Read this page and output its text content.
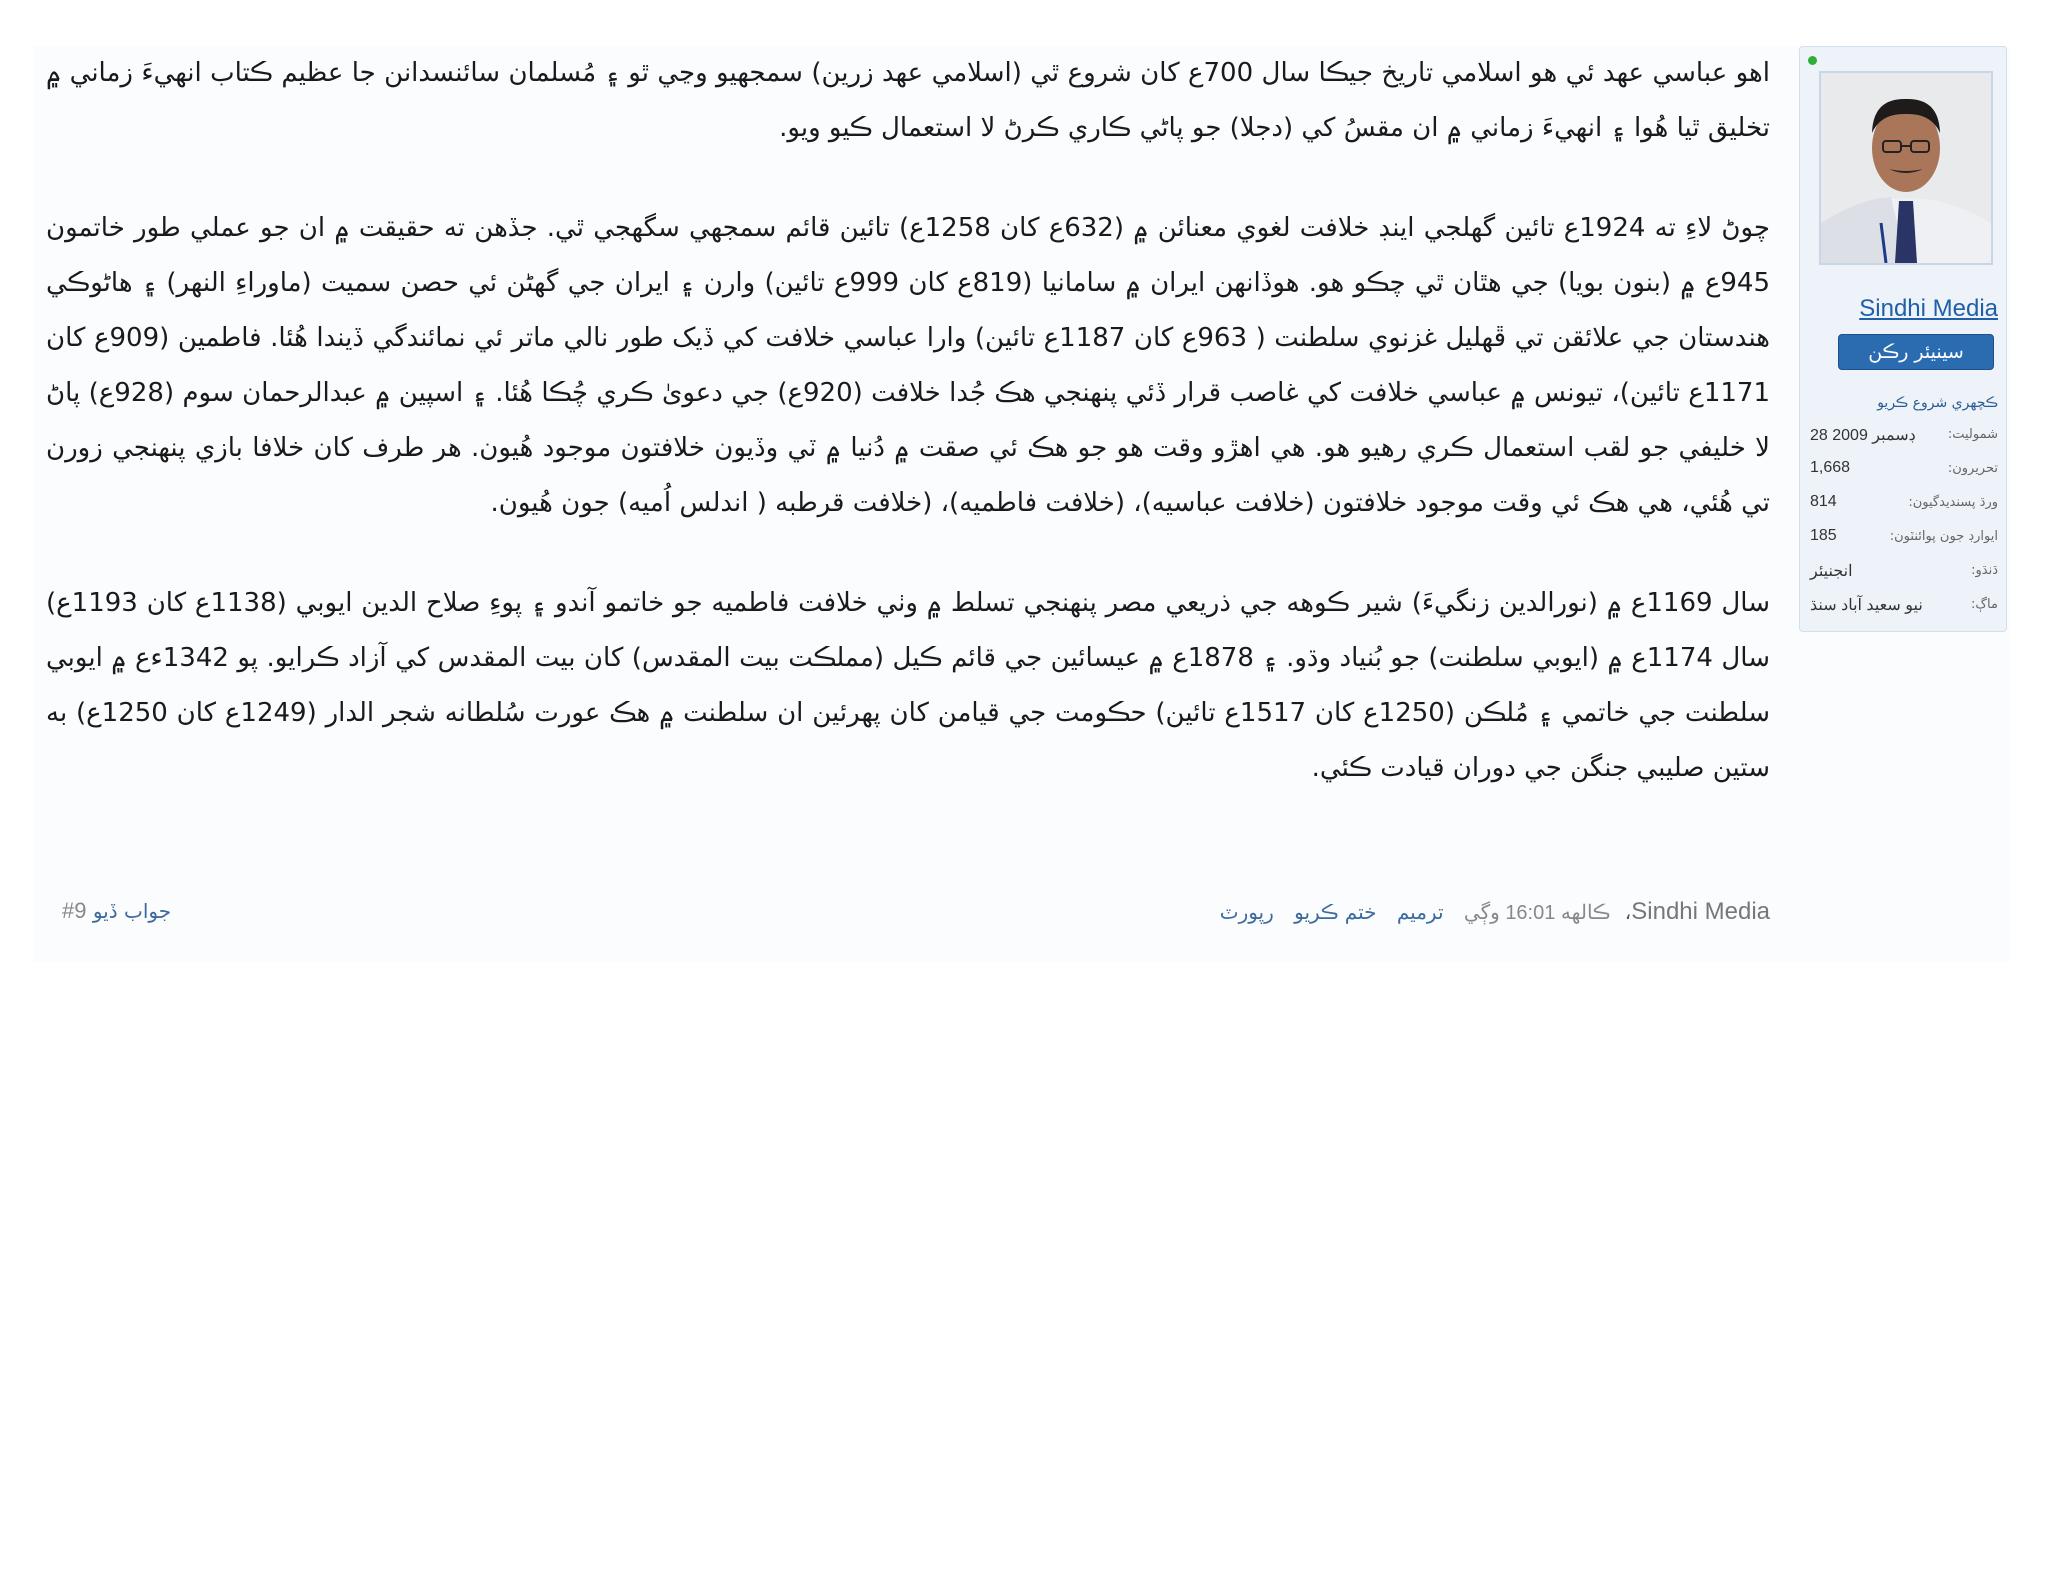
Sindhi Media
سينيئر رڪن
ڪچهري شروع ڪريو
شموليت:
28 ڊسمبر 2009
تحريرون:
1,668
ورڌ پسنديدگيون:
814
ايوارڊ جون پوائنٽون:
185
ڌنڌو:
انجنيئر
ماڳ:
نيو سعيد آباد سنڌ

اهو عباسي عهد ئي هو اسلامي تاريخ جيڪا سال 700ع کان شروع ٿي (اسلامي عهد زرين) سمجهيو وڃي ٿو ۽ مُسلمان سائنسدانن جا عظيم ڪتاب انهيءَ زماني ۾ تخليق ٿيا هُوا ۽ انهيءَ زماني ۾ ان مقسُ کي (دجلا) جو پاڻي ڪاري ڪرڻ لا استعمال ڪيو ويو.

چوڻ لاءِ ته 1924ع تائين گهلجي اينڊ خلافت لغوي معنائن ۾ (632ع کان 1258ع) تائين قائم سمجهي سگهجي ٿي. جڏهن ته حقيقت ۾ ان جو عملي طور خاتمون 945ع ۾ (بنون بويا) جي هٿان ٿي چڪو هو. هوڏانهن ايران ۾ سامانيا (819ع کان 999ع تائين) وارن ۽ ايران جي گهڻن ئي حصن سميت (ماوراءِ النهر) ۽ هاڻوڪي هندستان جي علائقن تي ڦهليل غزنوي سلطنت ( 963ع کان 1187ع تائين) وارا عباسي خلافت کي ڏيک طور نالي ماتر ئي نمائندگي ڏيندا هُئا. فاطمين (909ع کان 1171ع تائين)، تيونس ۾ عباسي خلافت کي غاصب قرار ڏئي پنهنجي هڪ جُدا خلافت (920ع) جي دعوىٰ ڪري چُڪا هُئا. ۽ اسپين ۾ عبدالرحمان سوم (928ع) پاڻ لا خليفي جو لقب استعمال ڪري رهيو هو. هي اهڙو وقت هو جو هڪ ئي صقت ۾ دُنيا ۾ ٽي وڏيون خلافتون موجود هُيون. هر طرف کان خلافا بازي پنهنجي زورن تي هُئي، هي هڪ ئي وقت موجود خلافتون (خلافت عباسيه)، (خلافت فاطميه)، (خلافت قرطبه ( اندلس اُميه) جون هُيون.

سال 1169ع ۾ (نورالدين زنگيءَ) شير ڪوهه جي ذريعي مصر پنهنجي تسلط ۾ وٺي خلافت فاطميه جو خاتمو آندو ۽ پوءِ صلاح الدين ايوبي (1138ع کان 1193ع) سال 1174ع ۾ (ايوبي سلطنت) جو بُنياد وڌو. ۽ 1878ع ۾ عيسائين جي قائم ڪيل (مملڪت بيت المقدس) کان بيت المقدس کي آزاد ڪرايو. پو 1342ءع ۾ ايوبي سلطنت جي خاتمي ۽ مُلڪن (1250ع کان 1517ع تائين) حڪومت جي قيامن کان پهرئين ان سلطنت ۾ هڪ عورت سُلطانه شجر الدار (1249ع کان 1250ع) به ستين صليبي جنگن جي دوران قيادت ڪئي.

Sindhi Media، ڪالهه 16:01 وڳي ترميم ختم ڪريو رپورٽ
جواب ڏيو #9
